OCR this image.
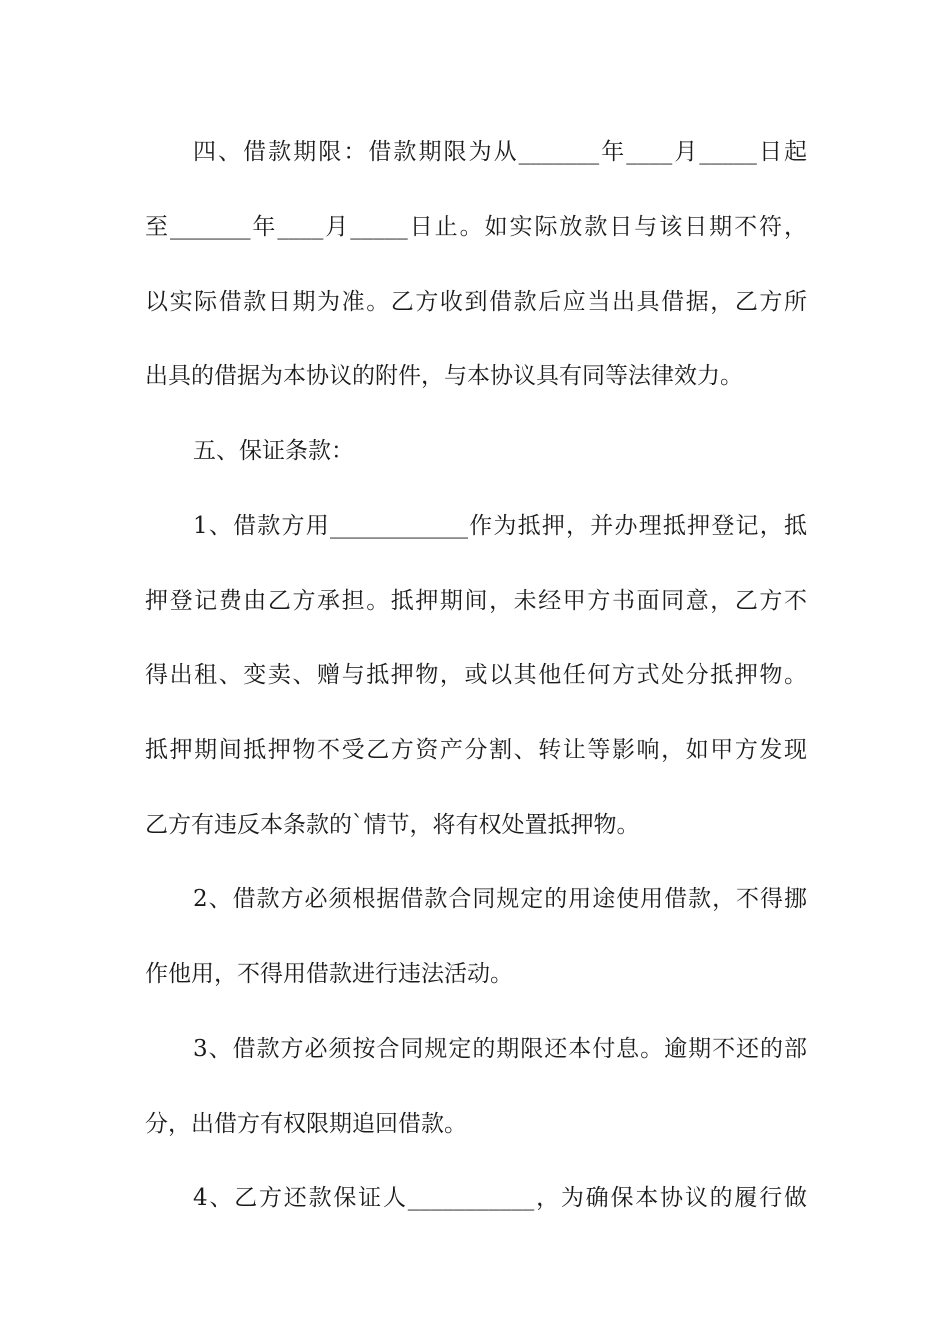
四、借款期限：借款期限为从_______年____月_____日起
至_______年____月_____日止。如实际放款日与该日期不符，
以实际借款日期为准。乙方收到借款后应当出具借据，乙方所
出具的借据为本协议的附件，与本协议具有同等法律效力。
五、保证条款：
1、借款方用____________作为抵押，并办理抵押登记，抵
押登记费由乙方承担。抵押期间，未经甲方书面同意，乙方不
得出租、变卖、赠与抵押物，或以其他任何方式处分抵押物。
抵押期间抵押物不受乙方资产分割、转让等影响，如甲方发现
乙方有违反本条款的`情节，将有权处置抵押物。
2、借款方必须根据借款合同规定的用途使用借款，不得挪
作他用，不得用借款进行违法活动。
3、借款方必须按合同规定的期限还本付息。逾期不还的部
分，出借方有权限期追回借款。
4、乙方还款保证人___________，为确保本协议的履行做
